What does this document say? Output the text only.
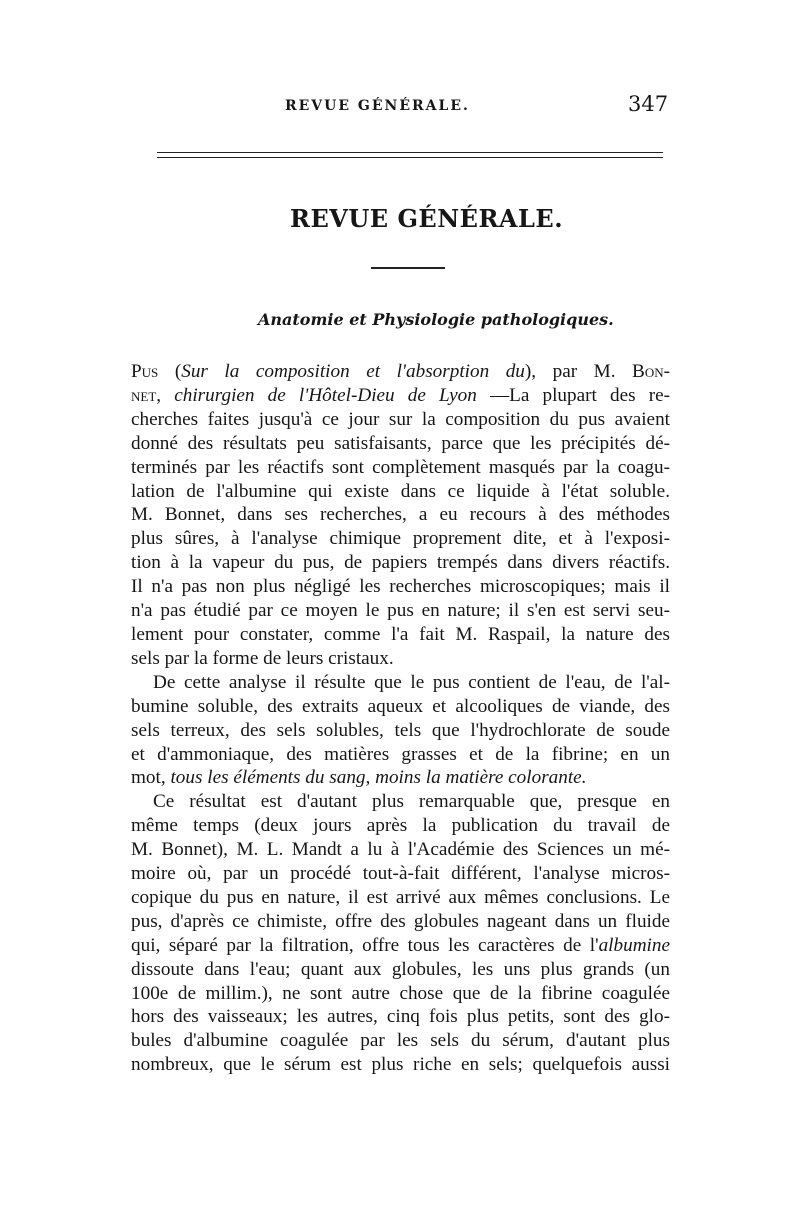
REVUE GÉNÉRALE.	347
REVUE GÉNÉRALE.
Anatomie et Physiologie pathologiques.
Pus (Sur la composition et l'absorption du), par M. Bon-
net, chirurgien de l'Hôtel-Dieu de Lyon —La plupart des re-
cherches faites jusqu'à ce jour sur la composition du pus avaient
donné des résultats peu satisfaisants, parce que les précipités dé-
terminés par les réactifs sont complètement masqués par la coagu-
lation de l'albumine qui existe dans ce liquide à l'état soluble.
M. Bonnet, dans ses recherches, a eu recours à des méthodes
plus sûres, à l'analyse chimique proprement dite, et à l'exposi-
tion à la vapeur du pus, de papiers trempés dans divers réactifs.
Il n'a pas non plus négligé les recherches microscopiques; mais il
n'a pas étudié par ce moyen le pus en nature; il s'en est servi seu-
lement pour constater, comme l'a fait M. Raspail, la nature des
sels par la forme de leurs cristaux.
De cette analyse il résulte que le pus contient de l'eau, de l'al-
bumine soluble, des extraits aqueux et alcooliques de viande, des
sels terreux, des sels solubles, tels que l'hydrochlorate de soude
et d'ammoniaque, des matières grasses et de la fibrine; en un
mot, tous les éléments du sang, moins la matière colorante.
Ce résultat est d'autant plus remarquable que, presque en
même temps (deux jours après la publication du travail de
M. Bonnet), M. L. Mandt a lu à l'Académie des Sciences un mé-
moire où, par un procédé tout-à-fait différent, l'analyse micros-
copique du pus en nature, il est arrivé aux mêmes conclusions. Le
pus, d'après ce chimiste, offre des globules nageant dans un fluide
qui, séparé par la filtration, offre tous les caractères de l'albumine
dissoute dans l'eau; quant aux globules, les uns plus grands (un
100e de millim.), ne sont autre chose que de la fibrine coagulée
hors des vaisseaux; les autres, cinq fois plus petits, sont des glo-
bules d'albumine coagulée par les sels du sérum, d'autant plus
nombreux, que le sérum est plus riche en sels; quelquefois aussi
